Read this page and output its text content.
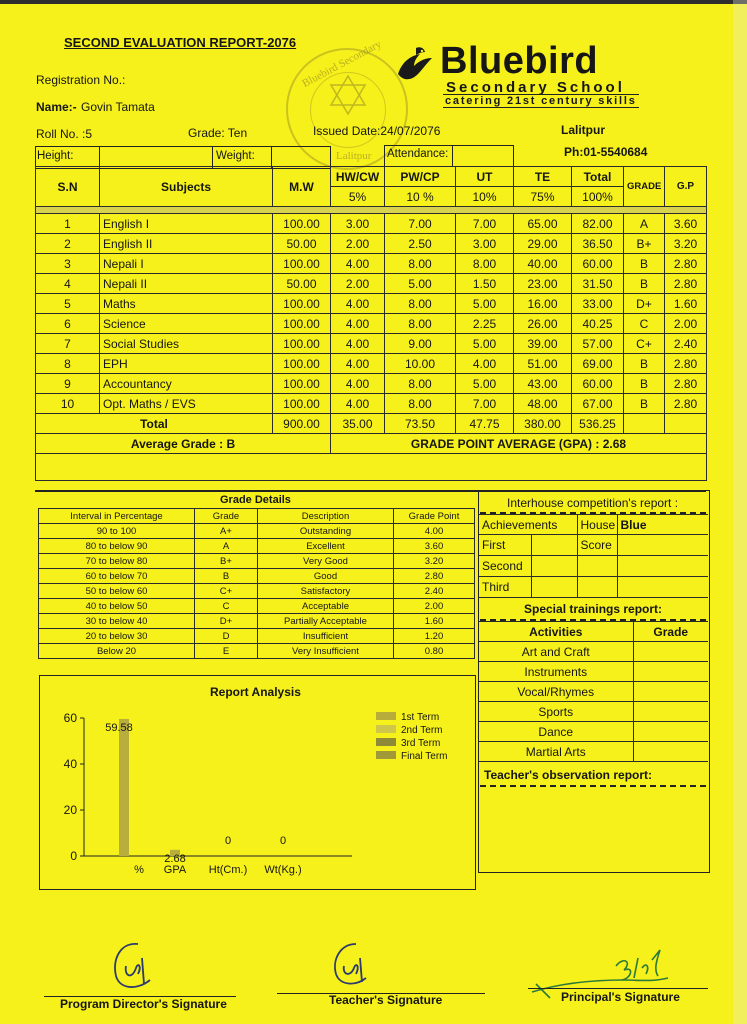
SECOND EVALUATION REPORT-2076	Bluebird
Secondary School
catering 21st century skills
Bluebird Secondary
Lalitpur
Registration No.:
Name:- Govin Tamata
Roll No. :5	Grade: Ten	Issued Date:24/07/2076	Lalitpur
Ph:01-5540684
Height:	Weight:	Attendance:
S.N	Subjects	M.W	HW/CW	PW/CP	UT	TE	Total	GRADE	G.P
			5%	10 %	10%	75%	100%		

1	English I	100.00	3.00	7.00	7.00	65.00	82.00	A	3.60
2	English II	50.00	2.00	2.50	3.00	29.00	36.50	B+	3.20
3	Nepali I	100.00	4.00	8.00	8.00	40.00	60.00	B	2.80
4	Nepali II	50.00	2.00	5.00	1.50	23.00	31.50	B	2.80
5	Maths	100.00	4.00	8.00	5.00	16.00	33.00	D+	1.60
6	Science	100.00	4.00	8.00	2.25	26.00	40.25	C	2.00
7	Social Studies	100.00	4.00	9.00	5.00	39.00	57.00	C+	2.40
8	EPH	100.00	4.00	10.00	4.00	51.00	69.00	B	2.80
9	Accountancy	100.00	4.00	8.00	5.00	43.00	60.00	B	2.80
10	Opt. Maths / EVS	100.00	4.00	8.00	7.00	48.00	67.00	B	2.80
Total		900.00	35.00	73.50	47.75	380.00	536.25		
Average Grade : B			GRADE POINT AVERAGE (GPA) : 2.68						

Grade Details
Interval in Percentage	Grade	Description	Grade Point
90 to 100	A+	Outstanding	4.00
80 to below 90	A	Excellent	3.60
70 to below 80	B+	Very Good	3.20
60 to below 70	B	Good	2.80
50 to below 60	C+	Satisfactory	2.40
40 to below 50	C	Acceptable	2.00
30 to below 40	D+	Partially Acceptable	1.60
20 to below 30	D	Insufficient	1.20
Below 20	E	Very Insufficient	0.80
Interhouse competition's report :
Achievements		House	Blue
First		Score	
Second			
Third			
Special trainings report:
Activities	Grade
Art and Craft	
Instruments	
Vocal/Rhymes	
Sports	
Dance	
Martial Arts	
Teacher's observation report:
Report Analysis
0
20
40
60
59.58
%
2.68
GPA
0
Ht(Cm.)
0
Wt(Kg.)
1st Term
2nd Term
3rd Term
Final Term
Program Director's Signature	Teacher's Signature	Principal's Signature
